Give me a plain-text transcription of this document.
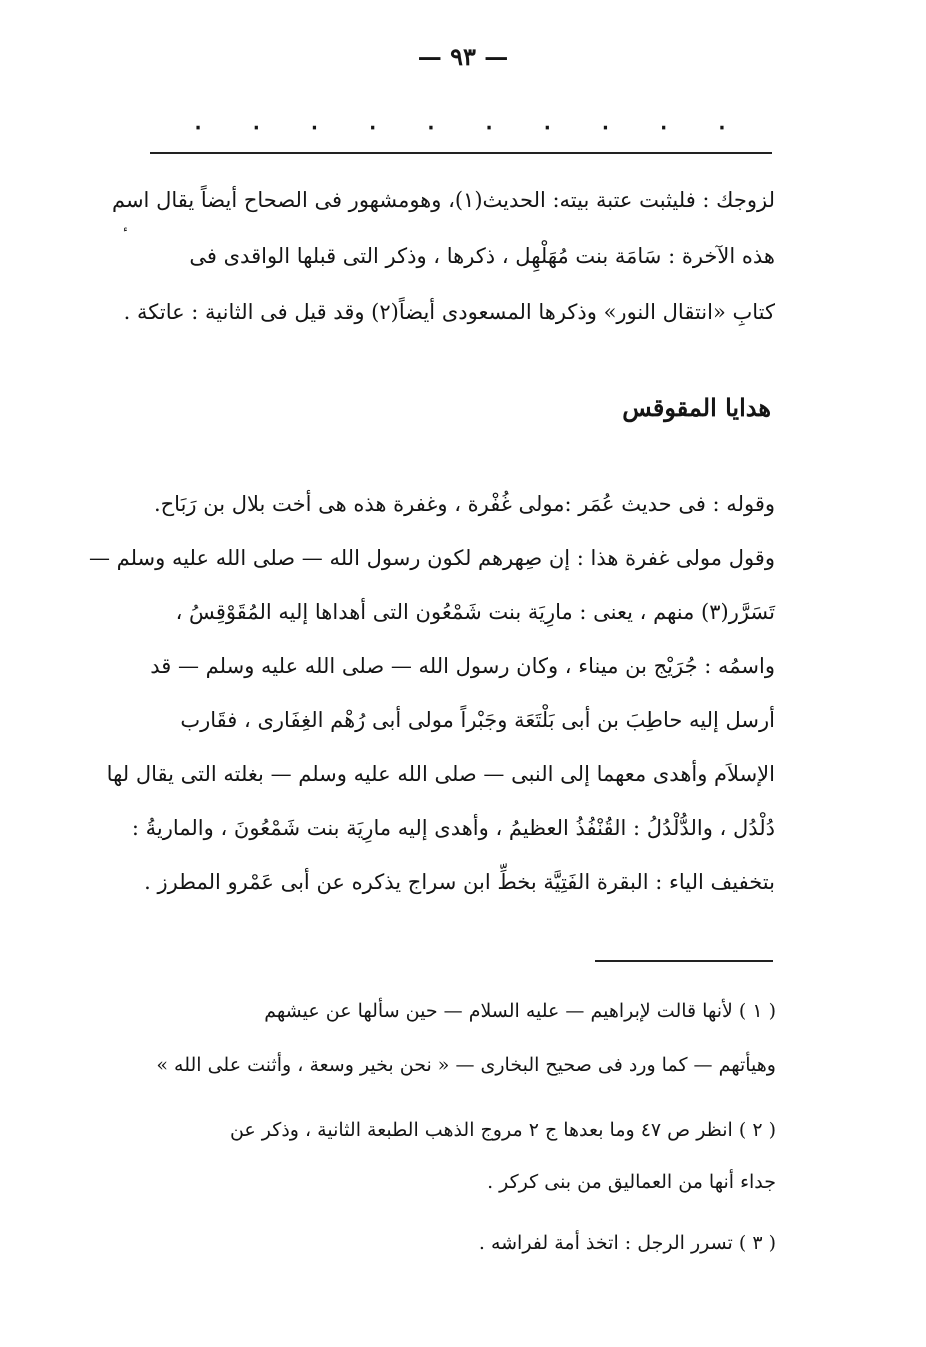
— ٩٣ —
٠ ٠ ٠ ٠ ٠ ٠ ٠ ٠ ٠ ٠
لزوجك : فليثبت عتبة بيته: الحديث(١)، وهومشهور فى الصحاح أيضاً يقال اسم
هذه الآخرة : سَامَة بنت مُهَلْهِل ، ذكرها ، وذكر التى قبلها الواقدى فى
كتابِ «انتقال النور» وذكرها المسعودى أيضاً(٢) وقد قيل فى الثانية : عاتكة .
هدايا المقوقس
وقوله : فى حديث عُمَر :مولى غُفْرة ، وغفرة هذه هى أخت بلال بن رَبَاح.
وقول مولى غفرة هذا : إن صِهرهم لكون رسول الله — صلى الله عليه وسلم —
تَسَرَّر(٣) منهم ، يعنى : مارِيَة بنت شَمْعُون التى أهداها إليه المُقَوْقِسُ ،
واسمُه : جُرَيْج بن ميناء ، وكان رسول الله — صلى الله عليه وسلم — قد
أرسل إليه حاطِبَ بن أبى بَلْتَعَة وجَبْراً مولى أبى رُهْم الغِفَارى ، فقَارب
الإسلاَم وأهدى معهما إلى النبى — صلى الله عليه وسلم — بغلته التى يقال لها
دُلْدُل ، والدُّلْدُلُ : القُنْفُذُ العظيمُ ، وأهدى إليه مارِيَة بنت شَمْعُونَ ، والماريةُ :
بتخفيف الياء : البقرة الفَتِيَّة بخطِّ ابن سراج يذكره عن أبى عَمْرو المطرز .
( ١ ) لأنها قالت لإبراهيم — عليه السلام — حين سألها عن عيشهم
وهيأتهم — كما ورد فى صحيح البخارى — « نحن بخير وسعة ، وأثنت على الله »
( ٢ ) انظر ص ٤٧ وما بعدها ج ٢ مروج الذهب الطبعة الثانية ، وذكر عن
جداء أنها من العماليق من بنى كركر .
( ٣ ) تسرر الرجل : اتخذ أمة لفراشه .
